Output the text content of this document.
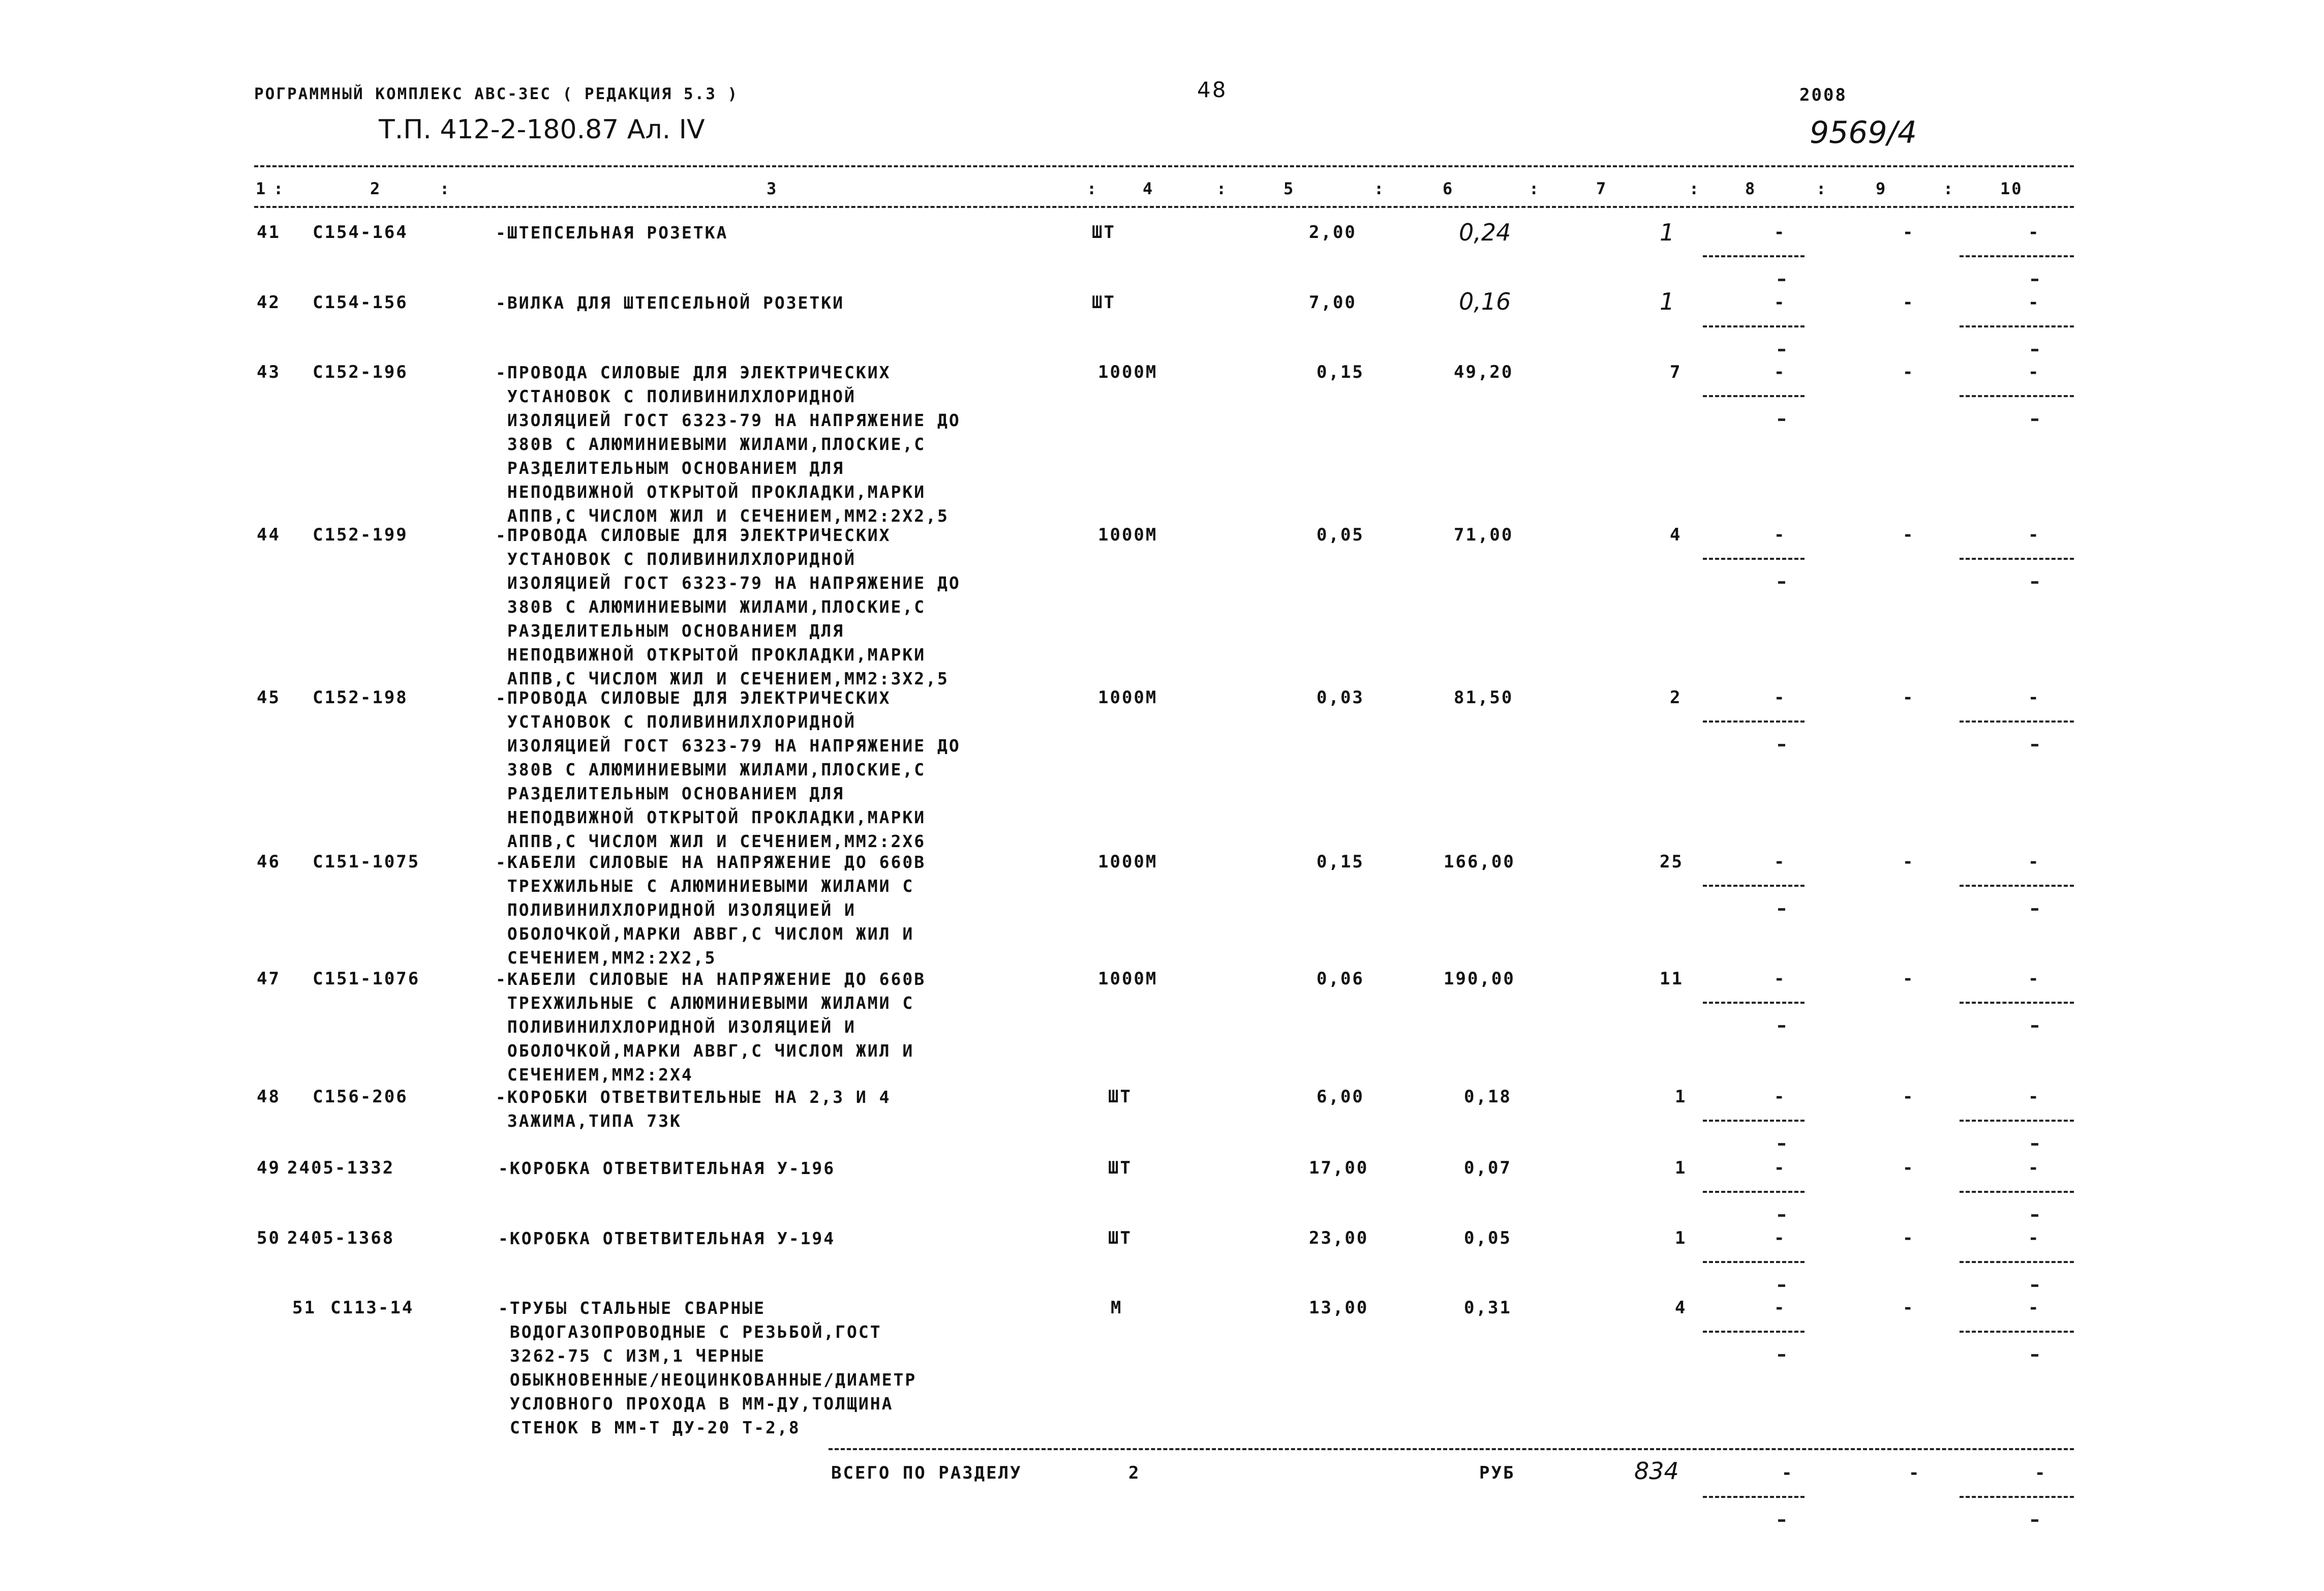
РОГРАММНЫЙ КОМПЛЕКС АВС-3ЕС ( РЕДАКЦИЯ 5.3 )	48	2008
Т.П. 412-2-180.87 Ал. IV	9569/4
1 :	2	:	3	:	4	:	5	:	6	:	7	:	8	:	9	:	10
41 С154-164	-ШТЕПСЕЛЬНАЯ РОЗЕТКА	ШТ	2,00	0,24	1	-	-	-
42 С154-156	-ВИЛКА ДЛЯ ШТЕПСЕЛЬНОЙ РОЗЕТКИ	ШТ	7,00	0,16	1	-	-	-
43 С152-196	-ПРОВОДА СИЛОВЫЕ ДЛЯ ЭЛЕКТРИЧЕСКИХ
УСТАНОВОК С ПОЛИВИНИЛХЛОРИДНОЙ
ИЗОЛЯЦИЕЙ ГОСТ 6323-79 НА НАПРЯЖЕНИЕ ДО
380В С АЛЮМИНИЕВЫМИ ЖИЛАМИ,ПЛОСКИЕ,С
РАЗДЕЛИТЕЛЬНЫМ ОСНОВАНИЕМ ДЛЯ
НЕПОДВИЖНОЙ ОТКРЫТОЙ ПРОКЛАДКИ,МАРКИ
АППВ,С ЧИСЛОМ ЖИЛ И СЕЧЕНИЕМ,ММ2:2Х2,5
1000М	0,15	49,20	7	-	-	-
44 С152-199	-ПРОВОДА СИЛОВЫЕ ДЛЯ ЭЛЕКТРИЧЕСКИХ
УСТАНОВОК С ПОЛИВИНИЛХЛОРИДНОЙ
ИЗОЛЯЦИЕЙ ГОСТ 6323-79 НА НАПРЯЖЕНИЕ ДО
380В С АЛЮМИНИЕВЫМИ ЖИЛАМИ,ПЛОСКИЕ,С
РАЗДЕЛИТЕЛЬНЫМ ОСНОВАНИЕМ ДЛЯ
НЕПОДВИЖНОЙ ОТКРЫТОЙ ПРОКЛАДКИ,МАРКИ
АППВ,С ЧИСЛОМ ЖИЛ И СЕЧЕНИЕМ,ММ2:3Х2,5
1000М	0,05	71,00	4	-	-	-
45 С152-198	-ПРОВОДА СИЛОВЫЕ ДЛЯ ЭЛЕКТРИЧЕСКИХ
УСТАНОВОК С ПОЛИВИНИЛХЛОРИДНОЙ
ИЗОЛЯЦИЕЙ ГОСТ 6323-79 НА НАПРЯЖЕНИЕ ДО
380В С АЛЮМИНИЕВЫМИ ЖИЛАМИ,ПЛОСКИЕ,С
РАЗДЕЛИТЕЛЬНЫМ ОСНОВАНИЕМ ДЛЯ
НЕПОДВИЖНОЙ ОТКРЫТОЙ ПРОКЛАДКИ,МАРКИ
АППВ,С ЧИСЛОМ ЖИЛ И СЕЧЕНИЕМ,ММ2:2Х6
1000М	0,03	81,50	2	-	-	-
46 С151-1075	-КАБЕЛИ СИЛОВЫЕ НА НАПРЯЖЕНИЕ ДО 660В
ТРЕХЖИЛЬНЫЕ С АЛЮМИНИЕВЫМИ ЖИЛАМИ С
ПОЛИВИНИЛХЛОРИДНОЙ ИЗОЛЯЦИЕЙ И
ОБОЛОЧКОЙ,МАРКИ АВВГ,С ЧИСЛОМ ЖИЛ И
СЕЧЕНИЕМ,ММ2:2Х2,5
1000М	0,15	166,00	25	-	-	-
47 С151-1076	-КАБЕЛИ СИЛОВЫЕ НА НАПРЯЖЕНИЕ ДО 660В
ТРЕХЖИЛЬНЫЕ С АЛЮМИНИЕВЫМИ ЖИЛАМИ С
ПОЛИВИНИЛХЛОРИДНОЙ ИЗОЛЯЦИЕЙ И
ОБОЛОЧКОЙ,МАРКИ АВВГ,С ЧИСЛОМ ЖИЛ И
СЕЧЕНИЕМ,ММ2:2Х4
1000М	0,06	190,00	11	-	-	-
48 С156-206	-КОРОБКИ ОТВЕТВИТЕЛЬНЫЕ НА 2,3 И 4
ЗАЖИМА,ТИПА 73К
ШТ	6,00	0,18	1	-	-	-
49 2405-1332	-КОРОБКА ОТВЕТВИТЕЛЬНАЯ У-196	ШТ	17,00	0,07	1	-	-	-
50 2405-1368	-КОРОБКА ОТВЕТВИТЕЛЬНАЯ У-194	ШТ	23,00	0,05	1	-	-	-
51 С113-14	-ТРУБЫ СТАЛЬНЫЕ СВАРНЫЕ
ВОДОГАЗОПРОВОДНЫЕ С РЕЗЬБОЙ,ГОСТ
3262-75 С ИЗМ,1 ЧЕРНЫЕ
ОБЫКНОВЕННЫЕ/НЕОЦИНКОВАННЫЕ/ДИАМЕТР
УСЛОВНОГО ПРОХОДА В ММ-ДУ,ТОЛЩИНА
СТЕНОК В ММ-Т ДУ-20 Т-2,8
М	13,00	0,31	4	-	-	-
ВСЕГО ПО РАЗДЕЛУ	2	РУБ	834	-	-	-
